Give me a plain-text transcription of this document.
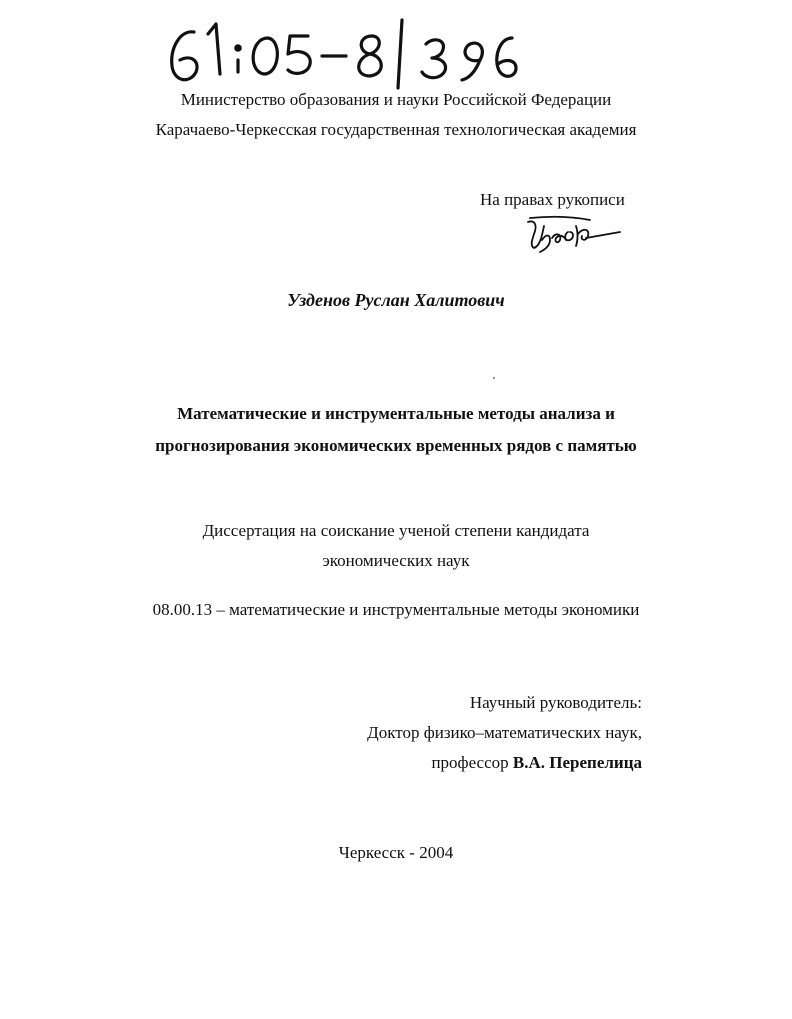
Министерство образования и науки Российской Федерации
Карачаево-Черкесская государственная технологическая академия
На правах рукописи
Узденов Руслан Халитович
Математические и инструментальные методы анализа и
прогнозирования экономических временных рядов с памятью
Диссертация на соискание ученой степени кандидата
экономических наук
08.00.13 – математические и инструментальные методы экономики
Научный руководитель:
Доктор физико–математических наук,
профессор В.А. Перепелица
Черкесск - 2004
